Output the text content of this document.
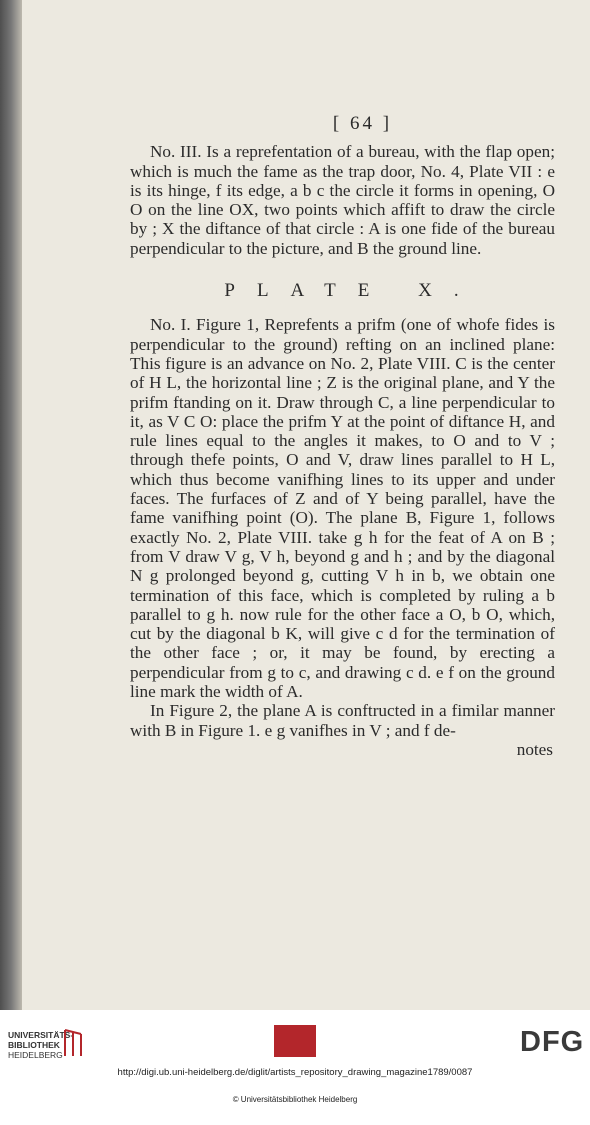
[ 64 ]

No. III. Is a reprefentation of a bureau, with the flap open; which is much the fame as the trap door, No. 4, Plate VII : e is its hinge, f its edge, a b c the circle it forms in opening, O O on the line OX, two points which affift to draw the circle by ; X the diftance of that circle : A is one fide of the bureau perpendicular to the picture, and B the ground line.

PLATE X.

No. I. Figure 1, Reprefents a prifm (one of whofe fides is perpendicular to the ground) refting on an inclined plane: This figure is an advance on No. 2, Plate VIII. C is the center of H L, the horizontal line ; Z is the original plane, and Y the prifm ftanding on it. Draw through C, a line perpendicular to it, as V C O: place the prifm Y at the point of diftance H, and rule lines equal to the angles it makes, to O and to V ; through thefe points, O and V, draw lines parallel to H L, which thus become vanifhing lines to its upper and under faces. The furfaces of Z and of Y being parallel, have the fame vanifhing point (O). The plane B, Figure 1, follows exactly No. 2, Plate VIII. take g h for the feat of A on B ; from V draw V g, V h, beyond g and h ; and by the diagonal N g prolonged beyond g, cutting V h in b, we obtain one termination of this face, which is completed by ruling a b parallel to g h. now rule for the other face a O, b O, which, cut by the diagonal b K, will give c d for the termination of the other face ; or, it may be found, by erecting a perpendicular from g to c, and drawing c d. e f on the ground line mark the width of A.

In Figure 2, the plane A is conftructed in a fimilar manner with B in Figure 1. e g vanifhes in V ; and f de-

notes
UNIVERSITÄTS-
BIBLIOTHEK
HEIDELBERG	DFG
http://digi.ub.uni-heidelberg.de/diglit/artists_repository_drawing_magazine1789/0087
© Universitätsbibliothek Heidelberg
